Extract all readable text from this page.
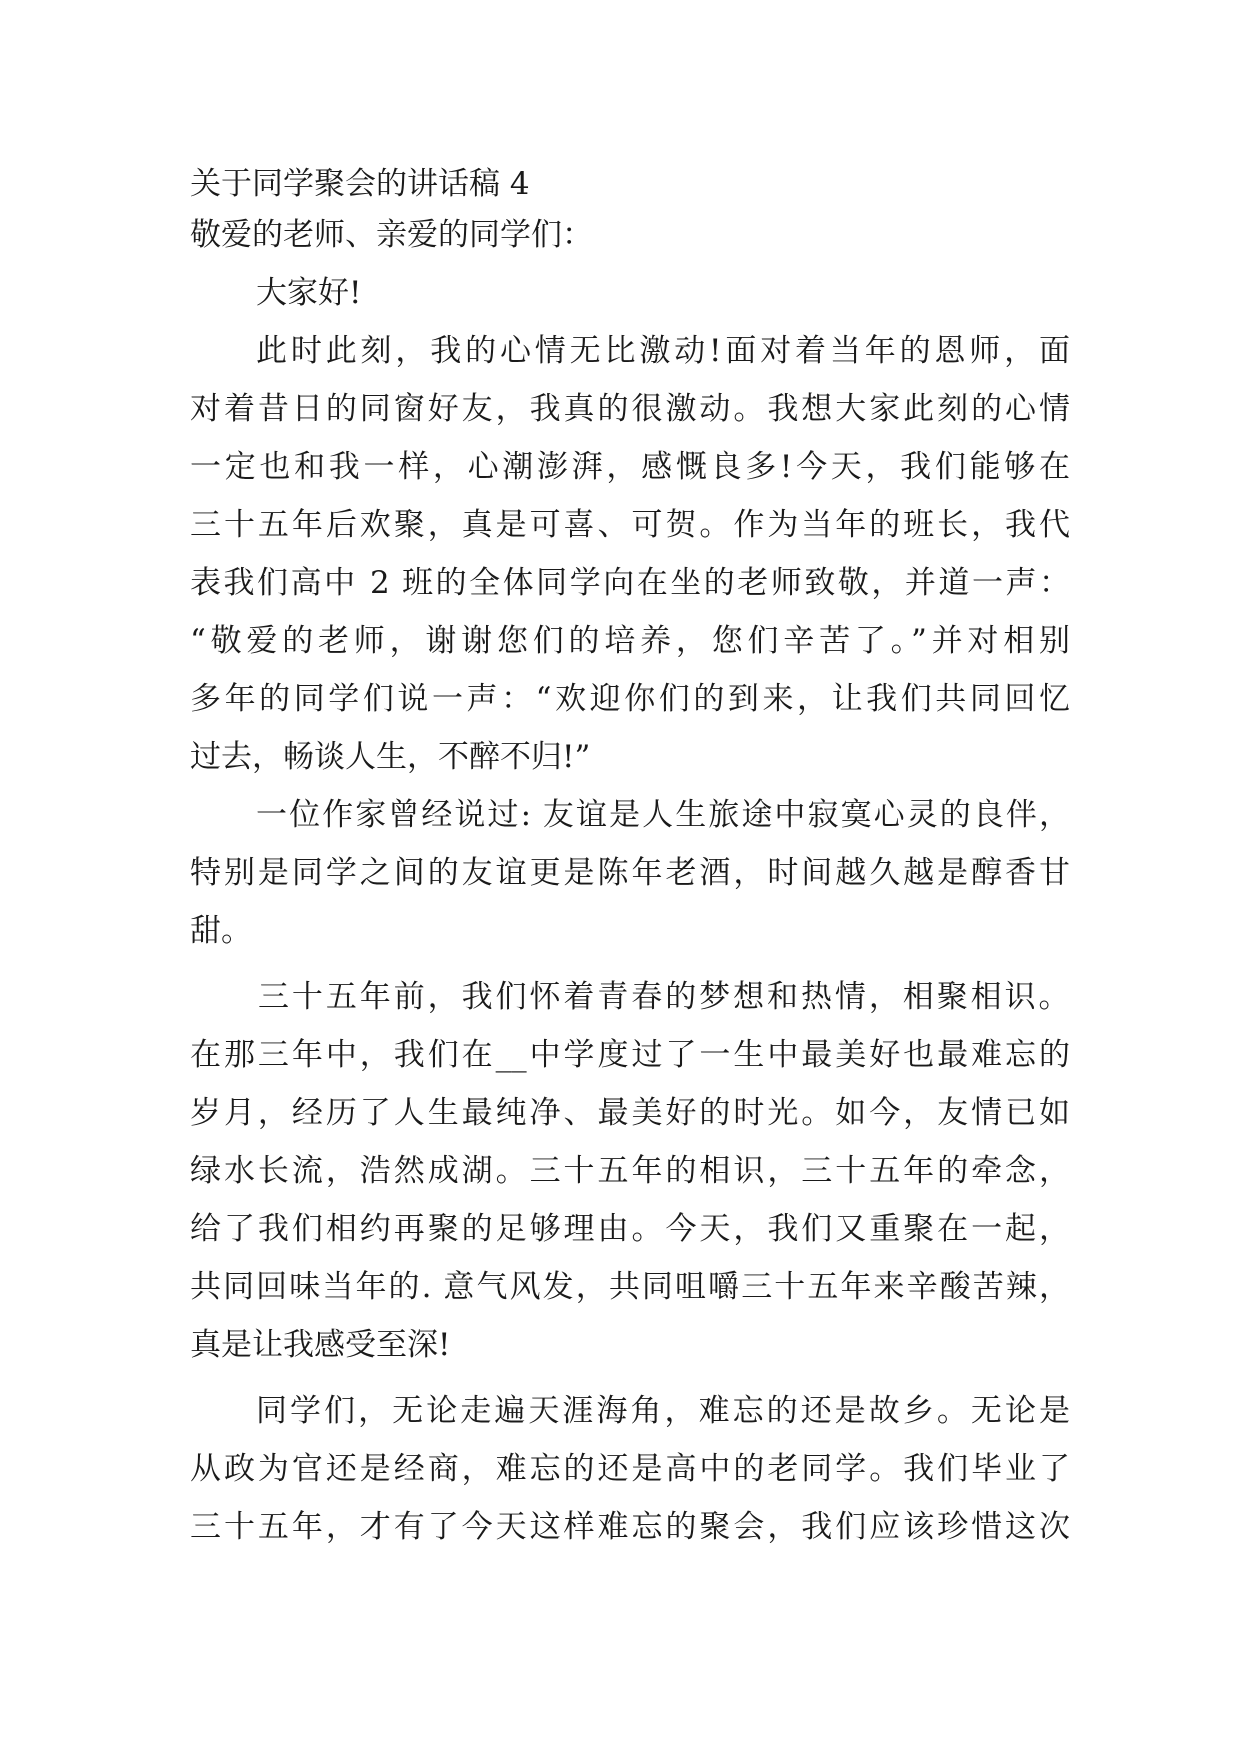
关于同学聚会的讲话稿 4
敬爱的老师、亲爱的同学们：
大家好!
此时此刻，我的心情无比激动!面对着当年的恩师，面
对着昔日的同窗好友，我真的很激动。我想大家此刻的心情
一定也和我一样，心潮澎湃，感慨良多!今天，我们能够在
三十五年后欢聚，真是可喜、可贺。作为当年的班长，我代
表我们高中 2 班的全体同学向在坐的老师致敬，并道一声：
“敬爱的老师，谢谢您们的培养，您们辛苦了。”并对相别
多年的同学们说一声：“欢迎你们的到来，让我们共同回忆
过去，畅谈人生，不醉不归!”
一位作家曾经说过: 友谊是人生旅途中寂寞心灵的良伴，
特别是同学之间的友谊更是陈年老酒，时间越久越是醇香甘
甜。
三十五年前，我们怀着青春的梦想和热情，相聚相识。
在那三年中，我们在__中学度过了一生中最美好也最难忘的
岁月，经历了人生最纯净、最美好的时光。如今，友情已如
绿水长流，浩然成湖。三十五年的相识，三十五年的牵念，
给了我们相约再聚的足够理由。今天，我们又重聚在一起，
共同回味当年的. 意气风发，共同咀嚼三十五年来辛酸苦辣，
真是让我感受至深!
同学们，无论走遍天涯海角，难忘的还是故乡。无论是
从政为官还是经商，难忘的还是高中的老同学。我们毕业了
三十五年，才有了今天这样难忘的聚会，我们应该珍惜这次
